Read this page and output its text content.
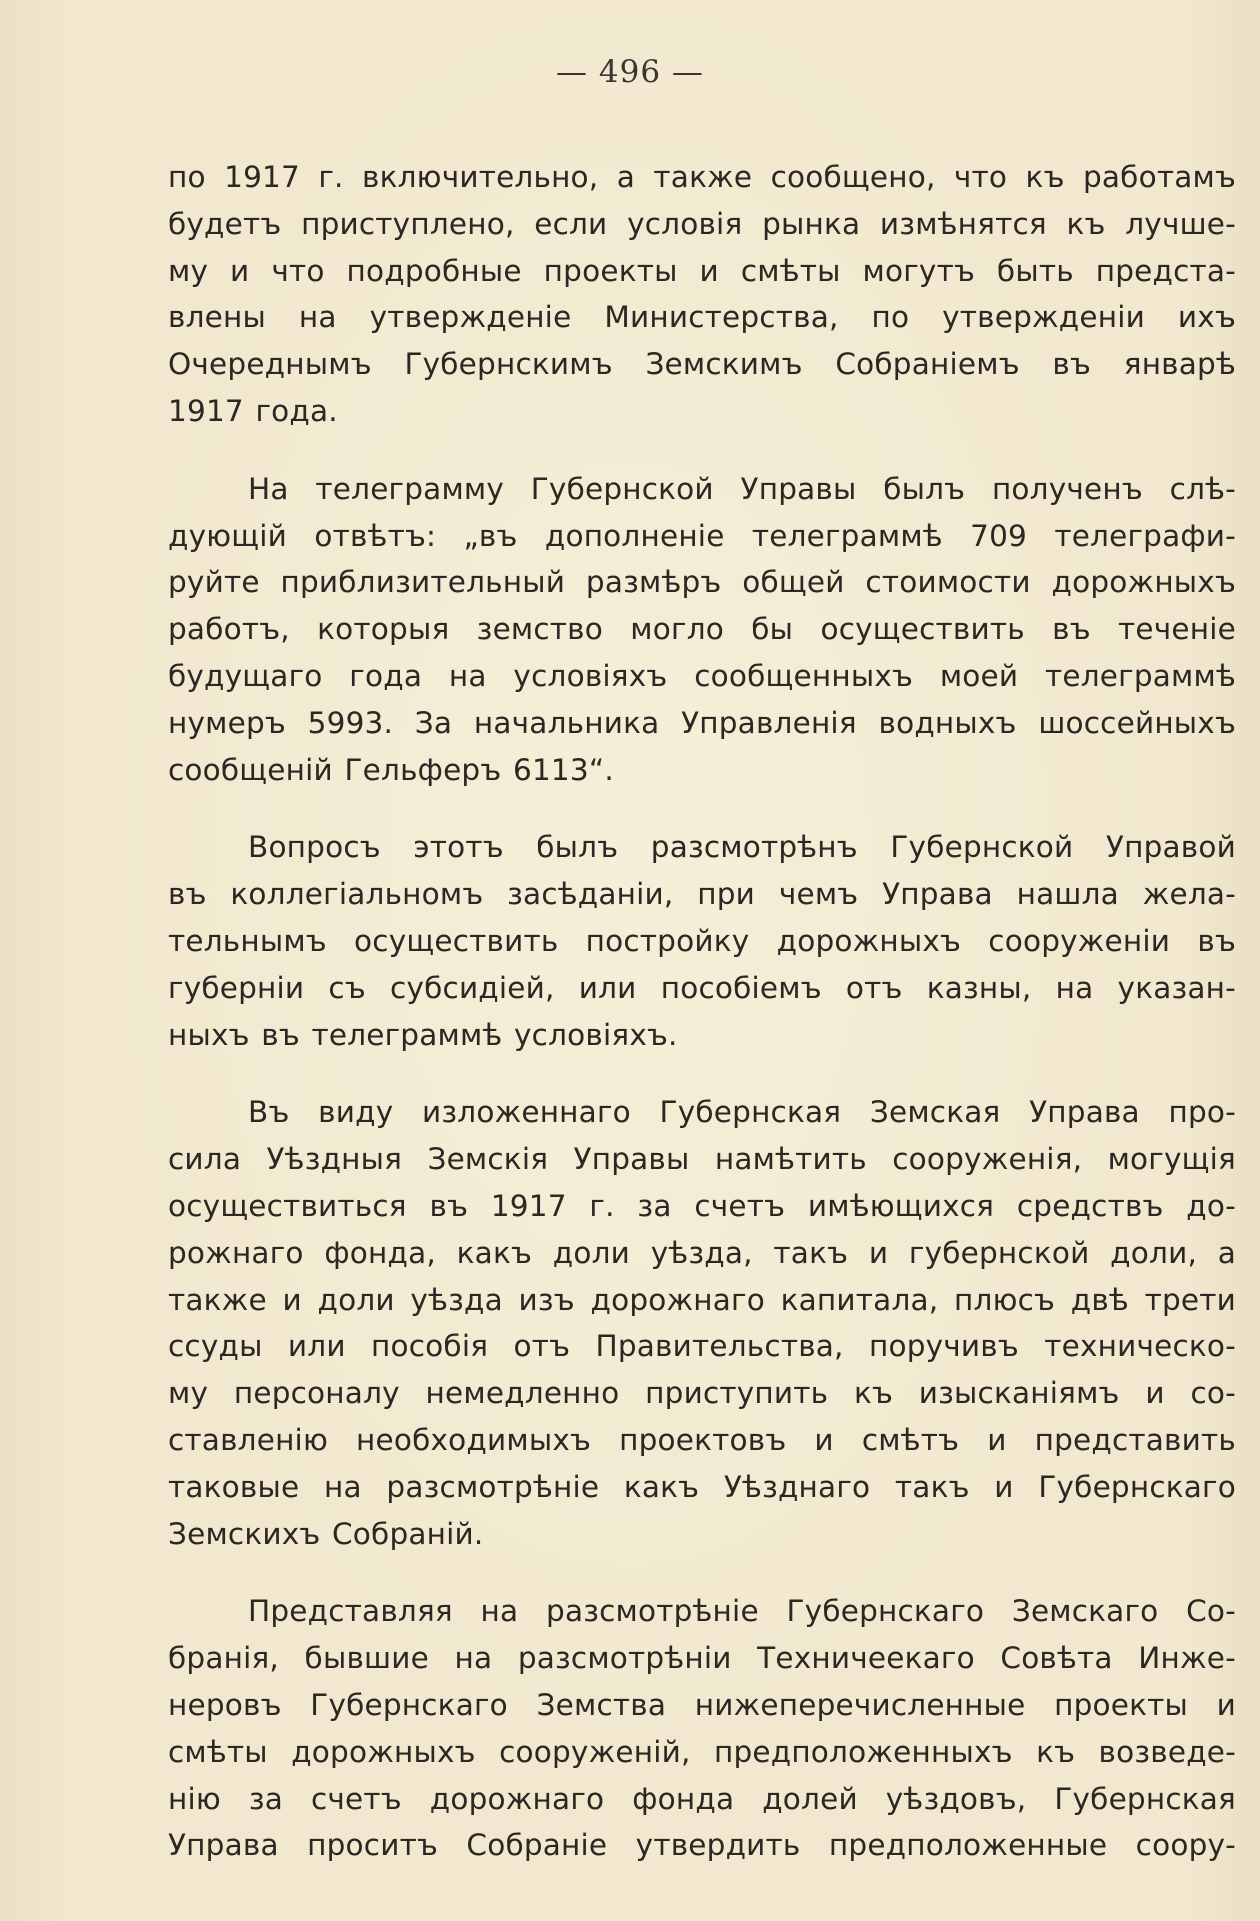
— 496 —
по 1917 г. включительно, а также сообщено, что къ работамъ
будетъ приступлено, если условія рынка измѣнятся къ лучше-
му и что подробные проекты и смѣты могутъ быть предста-
влены на утвержденіе Министерства, по утвержденіи ихъ
Очереднымъ Губернскимъ Земскимъ Собраніемъ въ январѣ
1917 года.
На телеграмму Губернской Управы былъ полученъ слѣ-
дующій отвѣтъ: „въ дополненіе телеграммѣ 709 телеграфи-
руйте приблизительный размѣръ общей стоимости дорожныхъ
работъ, которыя земство могло бы осуществить въ теченіе
будущаго года на условіяхъ сообщенныхъ моей телеграммѣ
нумеръ 5993. За начальника Управленія водныхъ шоссейныхъ
сообщеній Гельферъ 6113“.
Вопросъ этотъ былъ разсмотрѣнъ Губернской Управой
въ коллегіальномъ засѣданіи, при чемъ Управа нашла жела-
тельнымъ осуществить постройку дорожныхъ сооруженіи въ
губерніи съ субсидіей, или пособіемъ отъ казны, на указан-
ныхъ въ телеграммѣ условіяхъ.
Въ виду изложеннаго Губернская Земская Управа про-
сила Уѣздныя Земскія Управы намѣтить сооруженія, могущія
осуществиться въ 1917 г. за счетъ имѣющихся средствъ до-
рожнаго фонда, какъ доли уѣзда, такъ и губернской доли, а
также и доли уѣзда изъ дорожнаго капитала, плюсъ двѣ трети
ссуды или пособія отъ Правительства, поручивъ техническо-
му персоналу немедленно приступить къ изысканіямъ и со-
ставленію необходимыхъ проектовъ и смѣтъ и представить
таковые на разсмотрѣніе какъ Уѣзднаго такъ и Губернскаго
Земскихъ Собраній.
Представляя на разсмотрѣніе Губернскаго Земскаго Со-
бранія, бывшие на разсмотрѣніи Техничеекаго Совѣта Инже-
неровъ Губернскаго Земства нижеперечисленные проекты и
смѣты дорожныхъ сооруженій, предположенныхъ къ возведе-
нію за счетъ дорожнаго фонда долей уѣздовъ, Губернская
Управа проситъ Собраніе утвердить предположенные соору-
